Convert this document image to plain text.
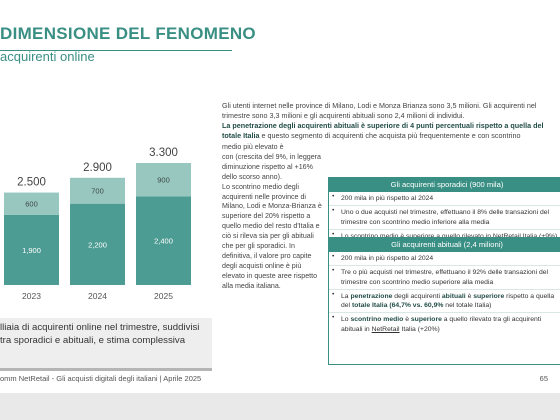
DIMENSIONE DEL FENOMENO
acquirenti online
1,900
600
2.500
2023
2,200
700
2.900
2024
2,400
900
3.300
2025
lliaia di acquirenti online nel trimestre, suddivisi tra sporadici e abituali, e stima complessiva

Gli utenti internet nelle province di Milano, Lodi e Monza Brianza sono 3,5 milioni. Gli acquirenti nel

trimestre sono 3,3 milioni e gli acquirenti abituali sono 2,4 milioni di individui.

La penetrazione degli acquirenti abituali è superiore di 4 punti percentuali rispetto a quella del

totale Italia e questo segmento di acquirenti che acquista più frequentemente e con scontrino

medio più elevato è
con (crescita del 9%, in leggera diminuzione rispetto al +16% dello scorso anno).
Lo scontrino medio degli acquirenti nelle province di Milano, Lodi e Monza-Brianza è superiore del 20% rispetto a quello medio del resto d'Italia e ciò si rileva sia per gli abituali che per gli sporadici. In definitiva, il valore pro capite degli acquisti online è più elevato in queste aree rispetto alla media italiana.
Gli acquirenti sporadici (900 mila)
• 200 mila in più rispetto al 2024
• Uno o due acquisti nel trimestre, effettuano il 8% delle transazioni del trimestre con scontrino medio inferiore alla media
•
Gli acquirenti abituali (2,4 milioni)
• 200 mila in più rispetto al 2024
• Tre o più acquisti nel trimestre, effettuano il 92% delle transazioni del trimestre con scontrino medio superiore alla media
• La penetrazione degli acquirenti abituali è superiore rispetto a quella del totale Italia (64,7% vs. 60,9% nel totale Italia)
• Lo scontrino medio è superiore a quello rilevato tra gli acquirenti abituali in NetRetail Italia (+20%)
omm NetRetail - Gli acquisti digitali degli italiani | Aprile 2025	65
